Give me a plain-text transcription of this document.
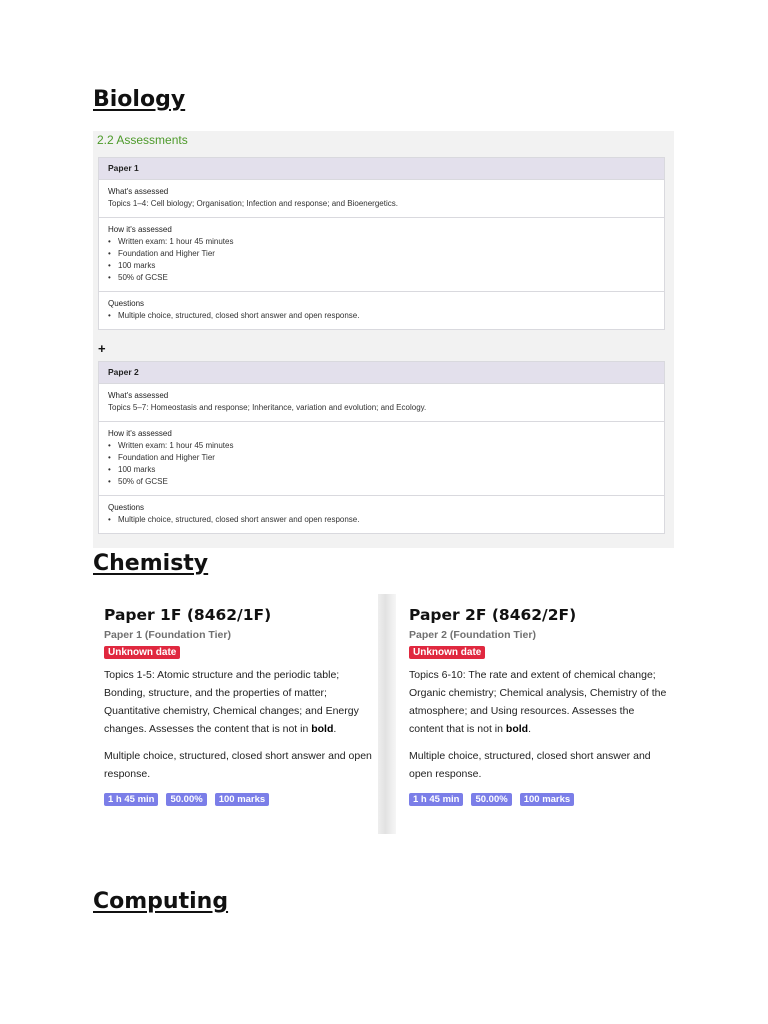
Biology
2.2 Assessments
Paper 1
What's assessed
Topics 1–4: Cell biology; Organisation; Infection and response; and Bioenergetics.
How it's assessed
• Written exam: 1 hour 45 minutes
• Foundation and Higher Tier
• 100 marks
• 50% of GCSE
Questions
• Multiple choice, structured, closed short answer and open response.
+
Paper 2
What's assessed
Topics 5–7: Homeostasis and response; Inheritance, variation and evolution; and Ecology.
How it's assessed
• Written exam: 1 hour 45 minutes
• Foundation and Higher Tier
• 100 marks
• 50% of GCSE
Questions
• Multiple choice, structured, closed short answer and open response.
Chemisty
Paper 1F (8462/1F)
Paper 1 (Foundation Tier)
Unknown date
Topics 1-5: Atomic structure and the periodic table; Bonding, structure, and the properties of matter; Quantitative chemistry, Chemical changes; and Energy changes. Assesses the content that is not in bold.
Multiple choice, structured, closed short answer and open response.
1 h 45 min 50.00% 100 marks
Paper 2F (8462/2F)
Paper 2 (Foundation Tier)
Unknown date
Topics 6-10: The rate and extent of chemical change; Organic chemistry; Chemical analysis, Chemistry of the atmosphere; and Using resources. Assesses the content that is not in bold.
Multiple choice, structured, closed short answer and open response.
1 h 45 min 50.00% 100 marks
Computing
